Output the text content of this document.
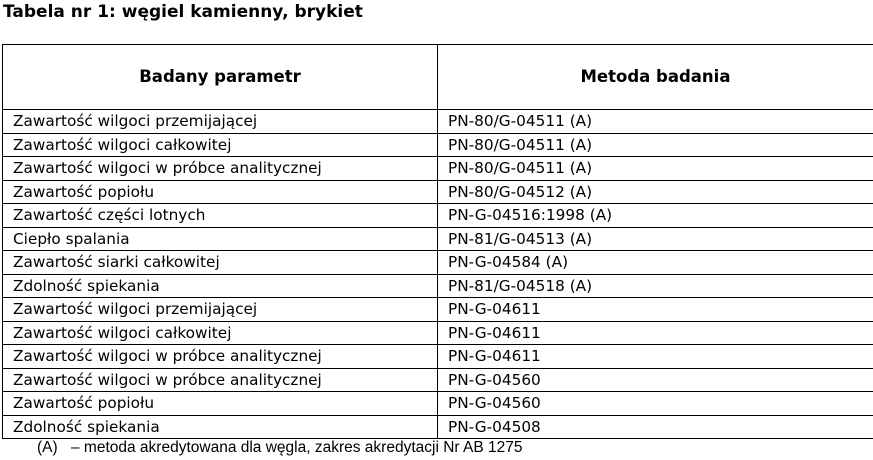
Tabela nr 1: węgiel kamienny, brykiet
Badany parametr	Metoda badania
Zawartość wilgoci przemijającej	PN-80/G-04511 (A)
Zawartość wilgoci całkowitej	PN-80/G-04511 (A)
Zawartość wilgoci w próbce analitycznej	PN-80/G-04511 (A)
Zawartość popiołu	PN-80/G-04512 (A)
Zawartość części lotnych	PN-G-04516:1998 (A)
Ciepło spalania	PN-81/G-04513 (A)
Zawartość siarki całkowitej	PN-G-04584 (A)
Zdolność spiekania	PN-81/G-04518 (A)
Zawartość wilgoci przemijającej	PN-G-04611
Zawartość wilgoci całkowitej	PN-G-04611
Zawartość wilgoci w próbce analitycznej	PN-G-04611
Zawartość wilgoci w próbce analitycznej	PN-G-04560
Zawartość popiołu	PN-G-04560
Zdolność spiekania	PN-G-04508
(A) – metoda akredytowana dla węgla, zakres akredytacji Nr AB 1275
